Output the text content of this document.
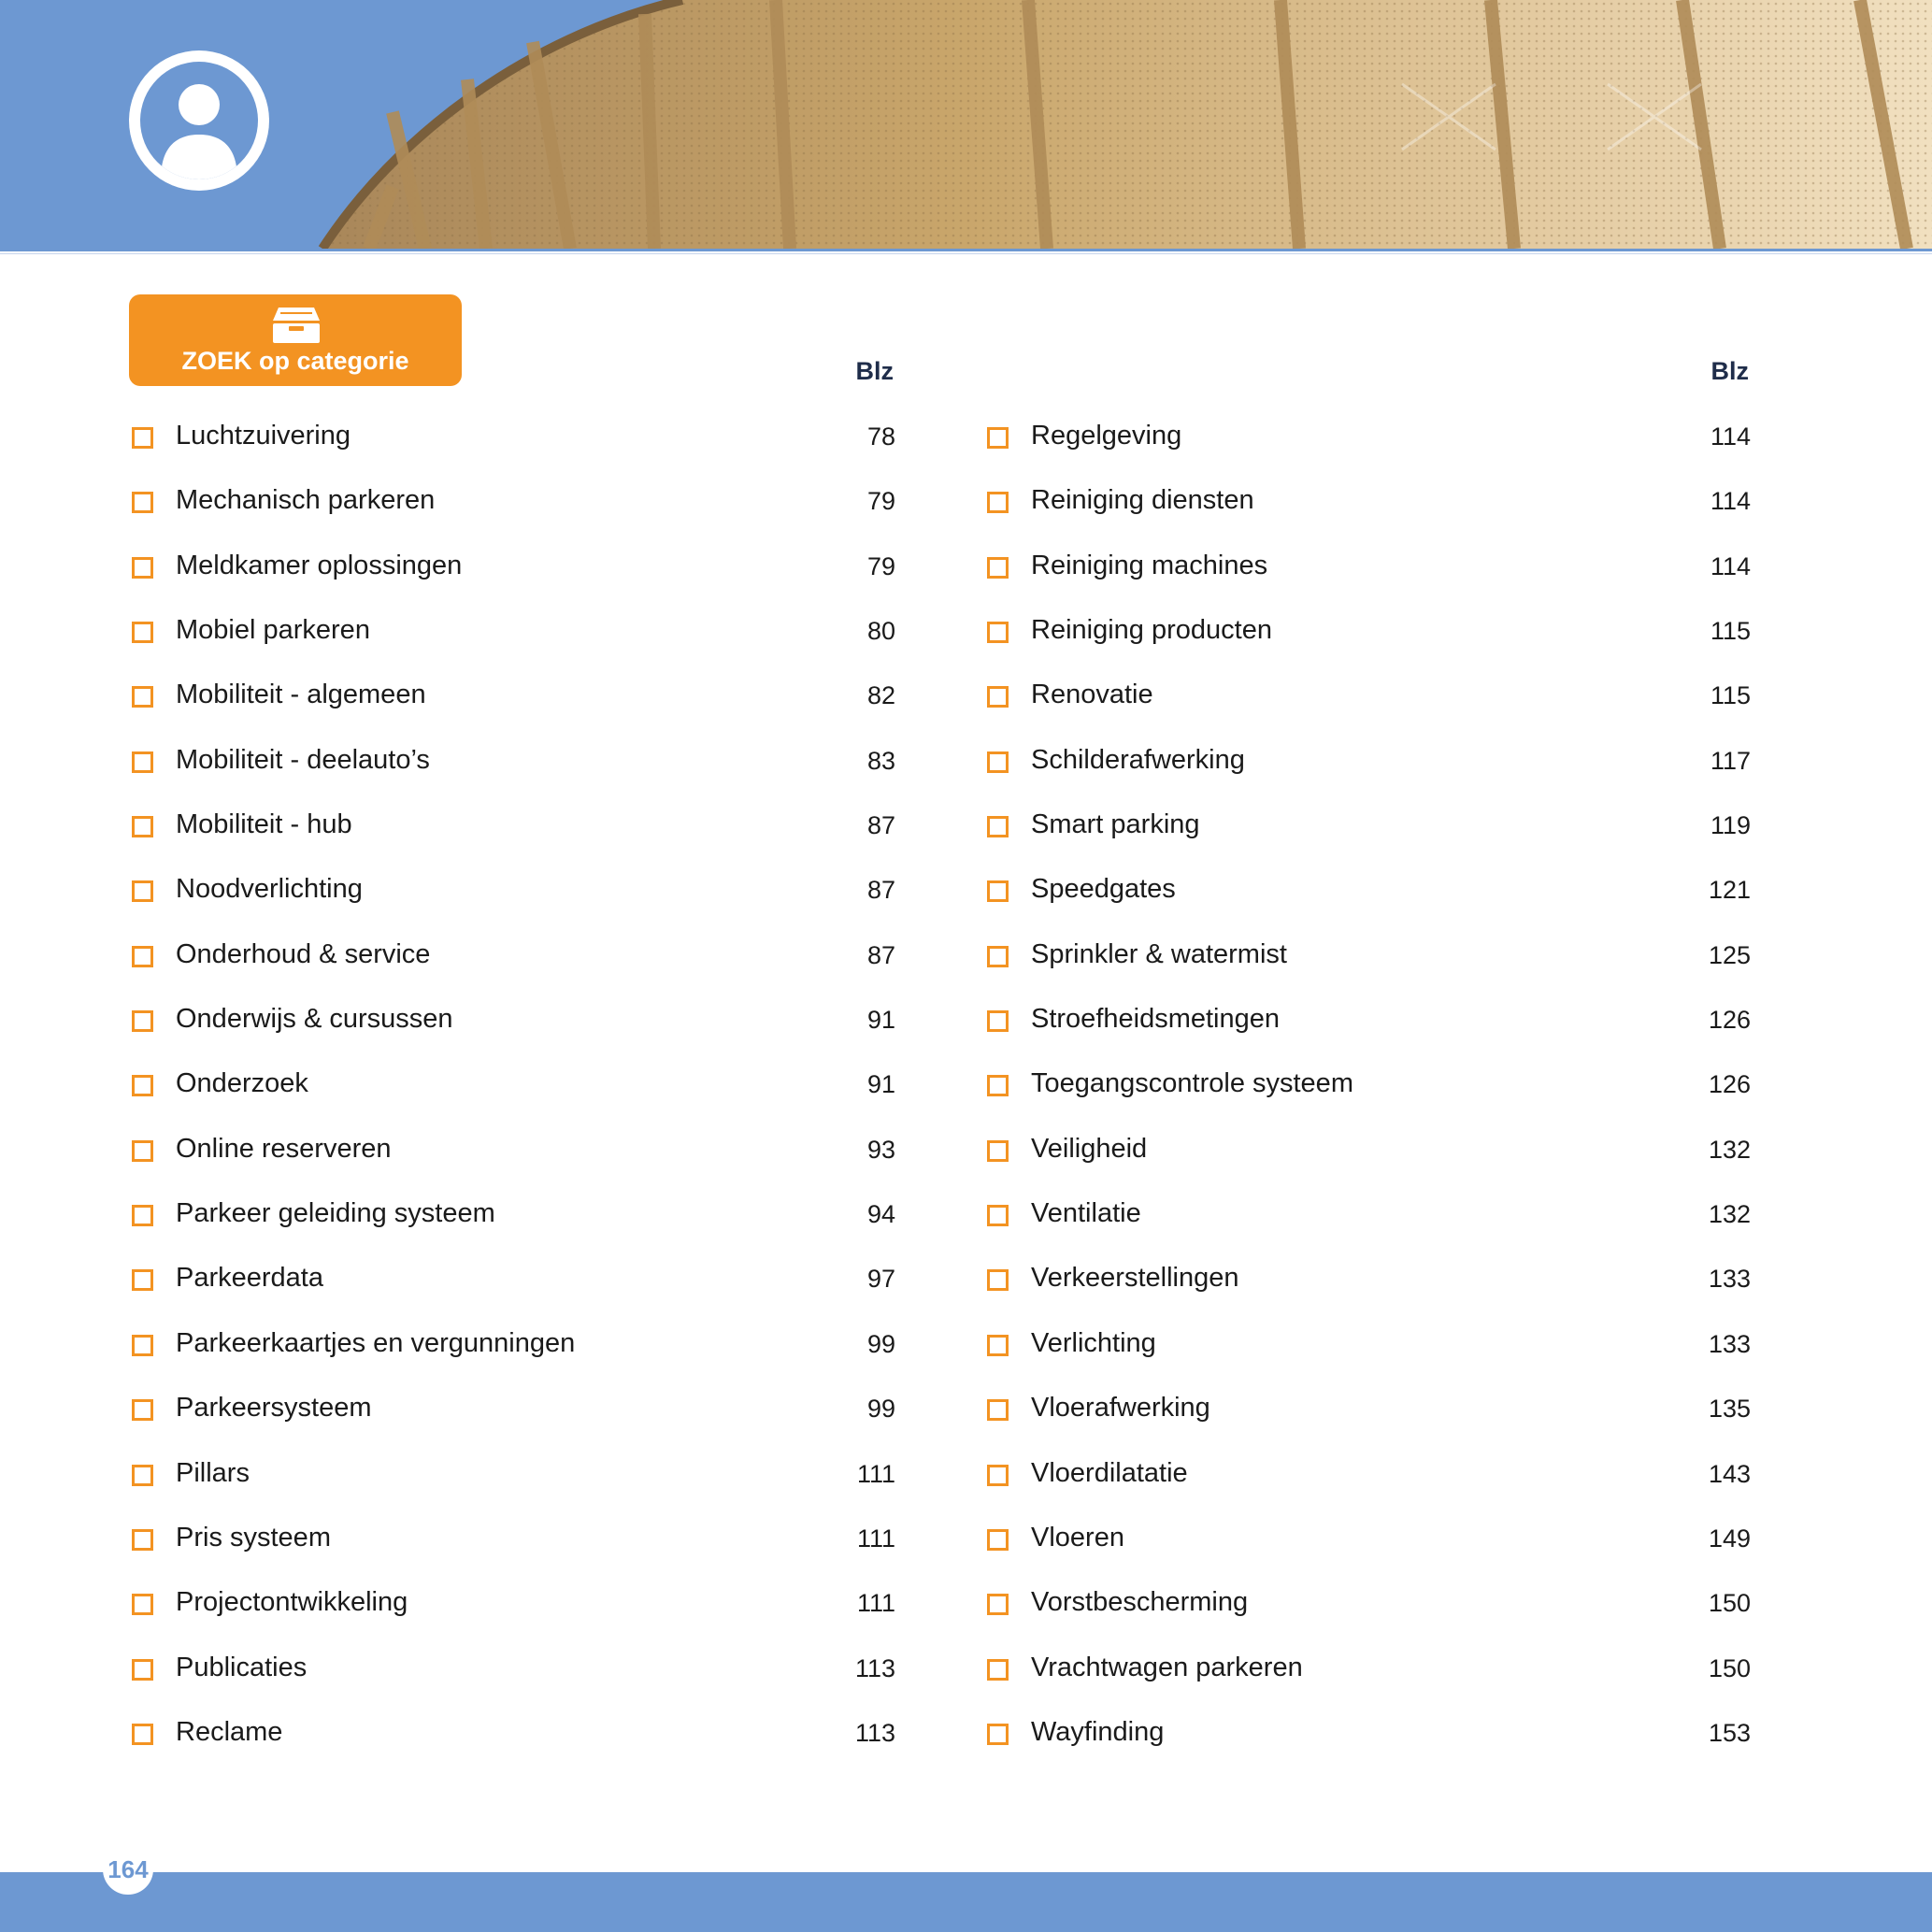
ZOEK op categorie	Blz
Luchtzuivering	78
Mechanisch parkeren	79
Meldkamer oplossingen	79
Mobiel parkeren	80
Mobiliteit - algemeen	82
Mobiliteit - deelauto’s	83
Mobiliteit - hub	87
Noodverlichting	87
Onderhoud & service	87
Onderwijs & cursussen	91
Onderzoek	91
Online reserveren	93
Parkeer geleiding systeem	94
Parkeerdata	97
Parkeerkaartjes en vergunningen	99
Parkeersysteem	99
Pillars	111
Pris systeem	111
Projectontwikkeling	111
Publicaties	113
Reclame	113
Blz
Regelgeving	114
Reiniging diensten	114
Reiniging machines	114
Reiniging producten	115
Renovatie	115
Schilderafwerking	117
Smart parking	119
Speedgates	121
Sprinkler & watermist	125
Stroefheidsmetingen	126
Toegangscontrole systeem	126
Veiligheid	132
Ventilatie	132
Verkeerstellingen	133
Verlichting	133
Vloerafwerking	135
Vloerdilatatie	143
Vloeren	149
Vorstbescherming	150
Vrachtwagen parkeren	150
Wayfinding	153
164
